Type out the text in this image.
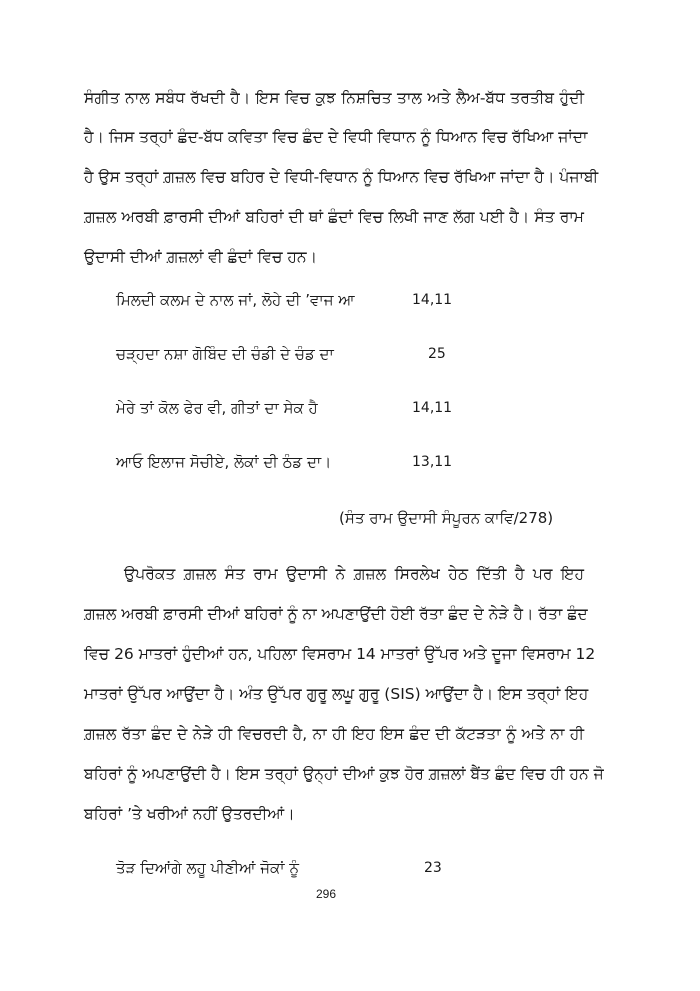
ਸੰਗੀਤ ਨਾਲ ਸਬੰਧ ਰੱਖਦੀ ਹੈ। ਇਸ ਵਿਚ ਕੁਝ ਨਿਸ਼ਚਿਤ ਤਾਲ ਅਤੇ ਲੈਅ-ਬੱਧ ਤਰਤੀਬ ਹੁੰਦੀ
ਹੈ। ਜਿਸ ਤਰ੍ਹਾਂ ਛੰਦ-ਬੱਧ ਕਵਿਤਾ ਵਿਚ ਛੰਦ ਦੇ ਵਿਧੀ ਵਿਧਾਨ ਨੂੰ ਧਿਆਨ ਵਿਚ ਰੱਖਿਆ ਜਾਂਦਾ
ਹੈ ਉਸ ਤਰ੍ਹਾਂ ਗ਼ਜ਼ਲ ਵਿਚ ਬਹਿਰ ਦੇ ਵਿਧੀ-ਵਿਧਾਨ ਨੂੰ ਧਿਆਨ ਵਿਚ ਰੱਖਿਆ ਜਾਂਦਾ ਹੈ। ਪੰਜਾਬੀ
ਗ਼ਜ਼ਲ ਅਰਬੀ ਫ਼ਾਰਸੀ ਦੀਆਂ ਬਹਿਰਾਂ ਦੀ ਥਾਂ ਛੰਦਾਂ ਵਿਚ ਲਿਖੀ ਜਾਣ ਲੱਗ ਪਈ ਹੈ। ਸੰਤ ਰਾਮ
ਉਦਾਸੀ ਦੀਆਂ ਗ਼ਜ਼ਲਾਂ ਵੀ ਛੰਦਾਂ ਵਿਚ ਹਨ।
ਮਿਲਦੀ ਕਲਮ ਦੇ ਨਾਲ ਜਾਂ, ਲੋਹੇ ਦੀ ’ਵਾਜ ਆ	14,11
ਚੜ੍ਹਦਾ ਨਸ਼ਾ ਗੋਬਿੰਦ ਦੀ ਚੰਡੀ ਦੇ ਚੰਡ ਦਾ	25
ਮੇਰੇ ਤਾਂ ਕੋਲ ਫੇਰ ਵੀ, ਗੀਤਾਂ ਦਾ ਸੇਕ ਹੈ	14,11
ਆਓ ਇਲਾਜ ਸੋਚੀਏ, ਲੋਕਾਂ ਦੀ ਠੰਡ ਦਾ।	13,11
(ਸੰਤ ਰਾਮ ਉਦਾਸੀ ਸੰਪੂਰਨ ਕਾਵਿ/278)
ਉਪਰੋਕਤ ਗ਼ਜ਼ਲ ਸੰਤ ਰਾਮ ਉਦਾਸੀ ਨੇ ਗ਼ਜ਼ਲ ਸਿਰਲੇਖ ਹੇਠ ਦਿੱਤੀ ਹੈ ਪਰ ਇਹ
ਗ਼ਜ਼ਲ ਅਰਬੀ ਫ਼ਾਰਸੀ ਦੀਆਂ ਬਹਿਰਾਂ ਨੂੰ ਨਾ ਅਪਣਾਉਂਦੀ ਹੋਈ ਰੱਤਾ ਛੰਦ ਦੇ ਨੇੜੇ ਹੈ। ਰੱਤਾ ਛੰਦ
ਵਿਚ 26 ਮਾਤਰਾਂ ਹੁੰਦੀਆਂ ਹਨ, ਪਹਿਲਾ ਵਿਸਰਾਮ 14 ਮਾਤਰਾਂ ਉੱਪਰ ਅਤੇ ਦੂਜਾ ਵਿਸਰਾਮ 12
ਮਾਤਰਾਂ ਉੱਪਰ ਆਉਂਦਾ ਹੈ। ਅੰਤ ਉੱਪਰ ਗੁਰੂ ਲਘੂ ਗੁਰੂ (SIS) ਆਉਂਦਾ ਹੈ। ਇਸ ਤਰ੍ਹਾਂ ਇਹ
ਗ਼ਜ਼ਲ ਰੱਤਾ ਛੰਦ ਦੇ ਨੇੜੇ ਹੀ ਵਿਚਰਦੀ ਹੈ, ਨਾ ਹੀ ਇਹ ਇਸ ਛੰਦ ਦੀ ਕੱਟੜਤਾ ਨੂੰ ਅਤੇ ਨਾ ਹੀ
ਬਹਿਰਾਂ ਨੂੰ ਅਪਣਾਉਂਦੀ ਹੈ। ਇਸ ਤਰ੍ਹਾਂ ਉਨ੍ਹਾਂ ਦੀਆਂ ਕੁਝ ਹੋਰ ਗ਼ਜ਼ਲਾਂ ਬੈਂਤ ਛੰਦ ਵਿਚ ਹੀ ਹਨ ਜੋ
ਬਹਿਰਾਂ ’ਤੇ ਖਰੀਆਂ ਨਹੀਂ ਉਤਰਦੀਆਂ।
ਤੋੜ ਦਿਆਂਗੇ ਲਹੂ ਪੀਣੀਆਂ ਜੋਕਾਂ ਨੂੰ	23
296
